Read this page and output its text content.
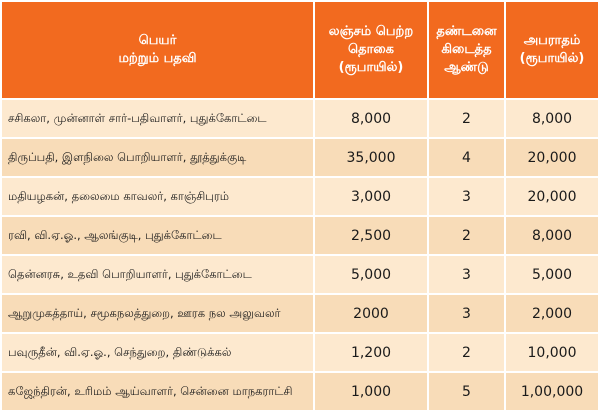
பெயர்
மற்றும் பதவி	லஞ்சம் பெற்ற
தொகை
(ரூபாயில்)	தண்டனை
கிடைத்த
ஆண்டு	அபராதம்
(ரூபாயில்)

சசிகலா, முன்னாள் சார்-பதிவாளர், புதுக்கோட்டை	8,000	2	8,000
திருப்பதி, இளநிலை பொறியாளர், தூத்துக்குடி	35,000	4	20,000
மதியழகன், தலைமை காவலர், காஞ்சிபுரம்	3,000	3	20,000
ரவி, வி.ஏ.ஓ., ஆலங்குடி, புதுக்கோட்டை	2,500	2	8,000
தென்னரசு, உதவி பொறியாளர், புதுக்கோட்டை	5,000	3	5,000
ஆறுமுகத்தாய், சமூகநலத்துறை, ஊரக நல அலுவலர்	2000	3	2,000
பவுருதீன், வி.ஏ.ஓ., செந்துறை, திண்டுக்கல்	1,200	2	10,000
கஜேந்திரன், உரிமம் ஆய்வாளர், சென்னை மாநகராட்சி	1,000	5	1,00,000
